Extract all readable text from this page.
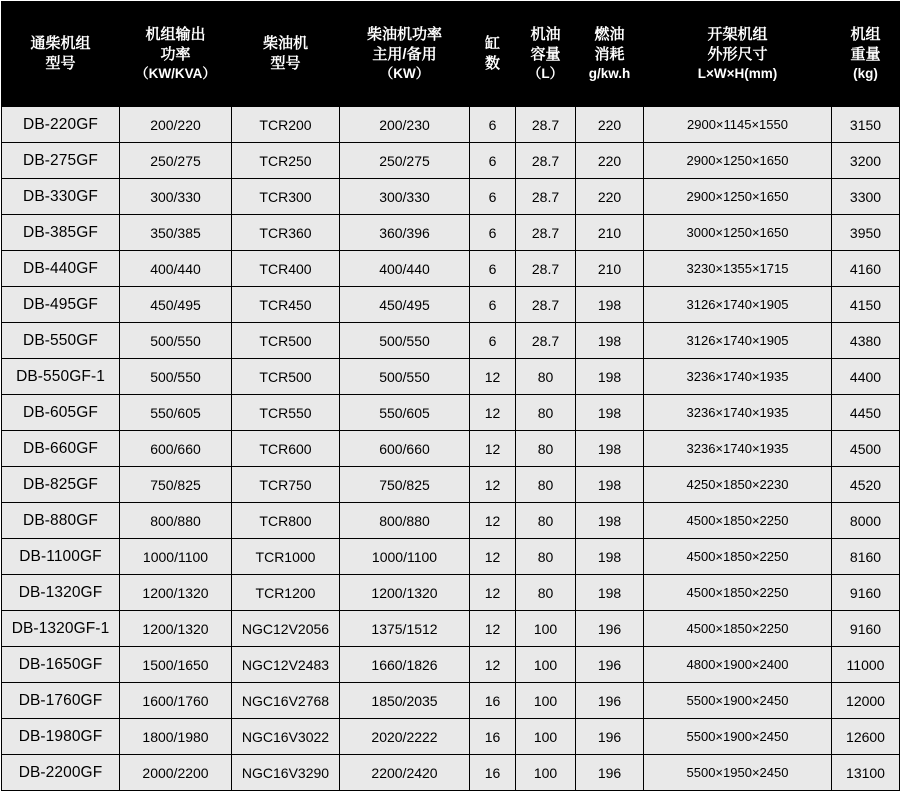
通柴机组
型号	机组输出
功率
（KW/KVA）	柴油机
型号	柴油机功率
主用/备用
（KW）	缸
数	机油
容量
（L）	燃油
消耗
g/kw.h	开架机组
外形尺寸
L×W×H(mm)	机组
重量
(kg)

DB-220GF	200/220	TCR200	200/230	6	28.7	220	2900×1145×1550	3150
DB-275GF	250/275	TCR250	250/275	6	28.7	220	2900×1250×1650	3200
DB-330GF	300/330	TCR300	300/330	6	28.7	220	2900×1250×1650	3300
DB-385GF	350/385	TCR360	360/396	6	28.7	210	3000×1250×1650	3950
DB-440GF	400/440	TCR400	400/440	6	28.7	210	3230×1355×1715	4160
DB-495GF	450/495	TCR450	450/495	6	28.7	198	3126×1740×1905	4150
DB-550GF	500/550	TCR500	500/550	6	28.7	198	3126×1740×1905	4380
DB-550GF-1	500/550	TCR500	500/550	12	80	198	3236×1740×1935	4400
DB-605GF	550/605	TCR550	550/605	12	80	198	3236×1740×1935	4450
DB-660GF	600/660	TCR600	600/660	12	80	198	3236×1740×1935	4500
DB-825GF	750/825	TCR750	750/825	12	80	198	4250×1850×2230	4520
DB-880GF	800/880	TCR800	800/880	12	80	198	4500×1850×2250	8000
DB-1100GF	1000/1100	TCR1000	1000/1100	12	80	198	4500×1850×2250	8160
DB-1320GF	1200/1320	TCR1200	1200/1320	12	80	198	4500×1850×2250	9160
DB-1320GF-1	1200/1320	NGC12V2056	1375/1512	12	100	196	4500×1850×2250	9160
DB-1650GF	1500/1650	NGC12V2483	1660/1826	12	100	196	4800×1900×2400	11000
DB-1760GF	1600/1760	NGC16V2768	1850/2035	16	100	196	5500×1900×2450	12000
DB-1980GF	1800/1980	NGC16V3022	2020/2222	16	100	196	5500×1900×2450	12600
DB-2200GF	2000/2200	NGC16V3290	2200/2420	16	100	196	5500×1950×2450	13100
